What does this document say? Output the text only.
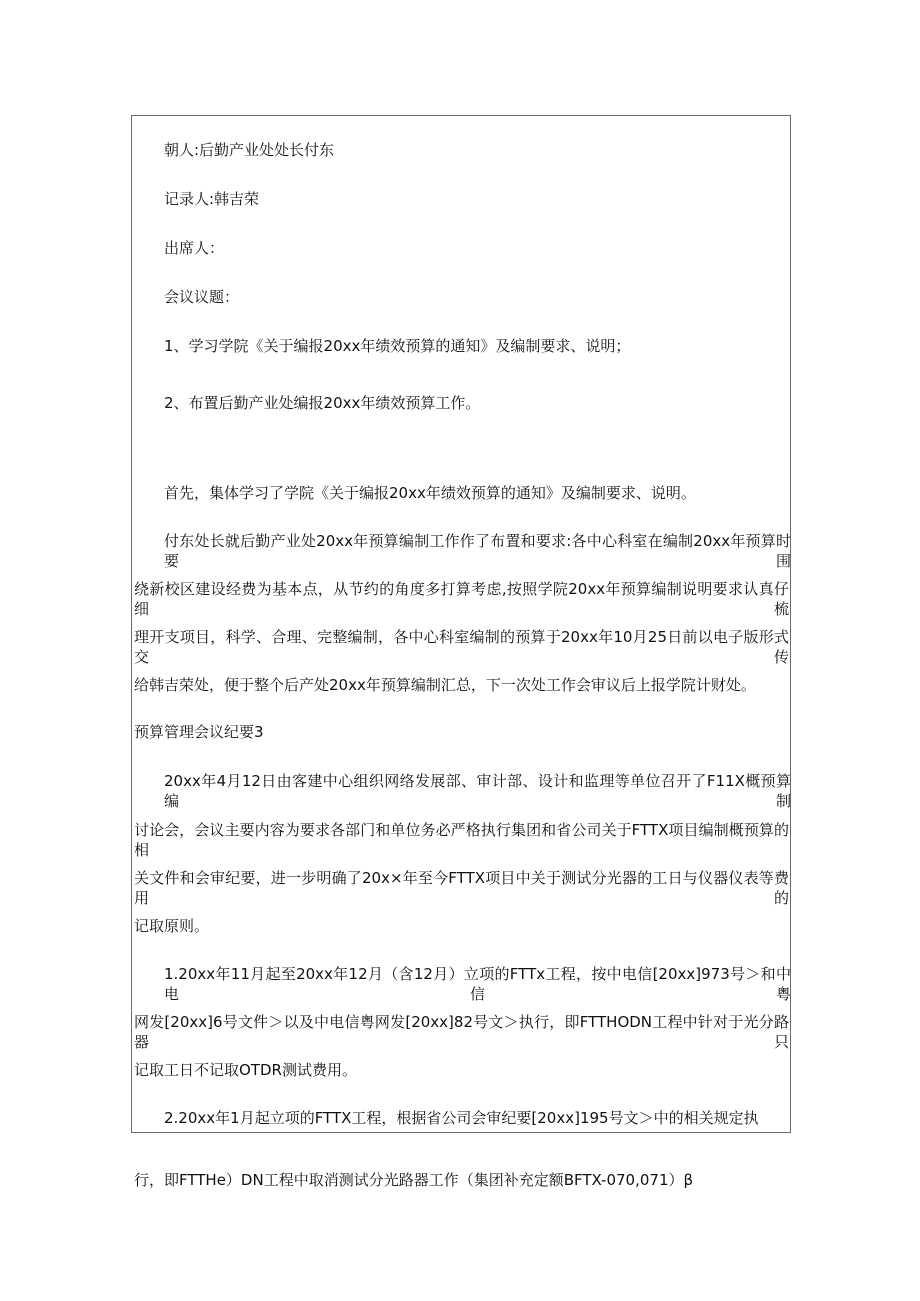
朝人:后勤产业处处长付东
记录人:韩吉荣
出席人：
会议议题：
1、学习学院《关于编报20xx年绩效预算的通知》及编制要求、说明；
2、布置后勤产业处编报20xx年绩效预算工作。
首先，集体学习了学院《关于编报20xx年绩效预算的通知》及编制要求、说明。
付东处长就后勤产业处20xx年预算编制工作作了布置和要求:各中心科室在编制20xx年预算时要围
绕新校区建设经费为基本点，从节约的角度多打算考虑,按照学院20xx年预算编制说明要求认真仔细梳
理开支项目，科学、合理、完整编制，各中心科室编制的预算于20xx年10月25日前以电子版形式交传
给韩吉荣处，便于整个后产处20xx年预算编制汇总，下一次处工作会审议后上报学院计财处。
预算管理会议纪要3
20xx年4月12日由客建中心组织网络发展部、审计部、设计和监理等单位召开了F11X概预算编制
讨论会，会议主要内容为要求各部门和单位务必严格执行集团和省公司关于FTTX项目编制概预算的相
关文件和会审纪要，进一步明确了20x×年至今FTTX项目中关于测试分光器的工日与仪器仪表等费用的
记取原则。
1.20xx年11月起至20xx年12月（含12月）立项的FTTx工程，按中电信[20xx]973号＞和中电信粤
网发[20xx]6号文件＞以及中电信粤网发[20xx]82号文＞执行，即FTTHODN工程中针对于光分路器只
记取工日不记取OTDR测试费用。
2.20xx年1月起立项的FTTX工程，根据省公司会审纪要[20xx]195号文＞中的相关规定执
行，即FTTHe）DN工程中取消测试分光路器工作（集团补充定额BFTX-070,071）β
